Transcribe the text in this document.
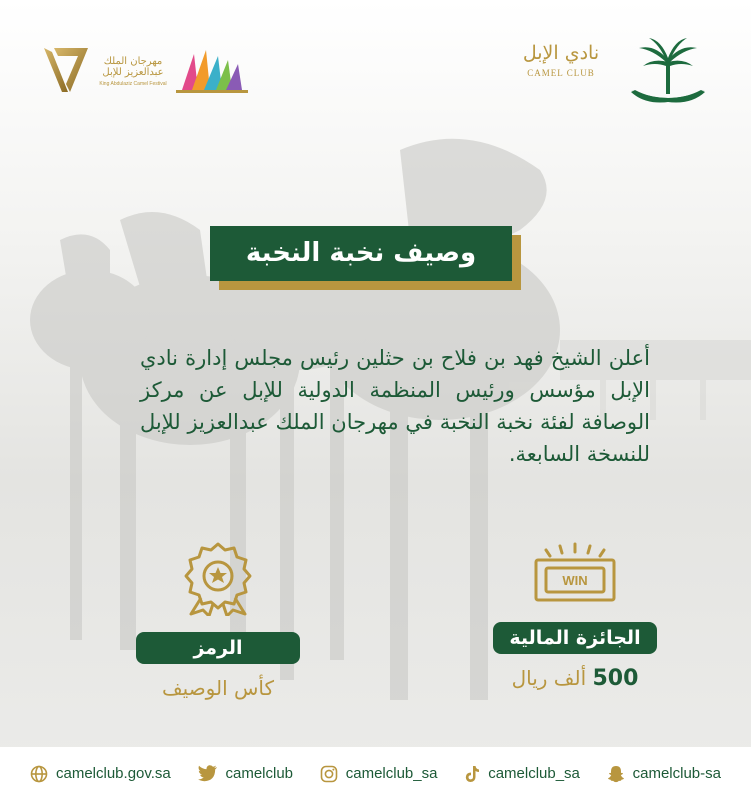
مهرجان الملك عبدالعزيز للإبل
King Abdulaziz Camel Festival
نادي الإبل
CAMEL CLUB
وصيف نخبة النخبة
أعلن الشيخ فهد بن فلاح بن حثلين رئيس مجلس إدارة نادي الإبل مؤسس ورئيس المنظمة الدولية للإبل عن مركز الوصافة لفئة نخبة النخبة في مهرجان الملك عبدالعزيز للإبل للنسخة السابعة.
WIN
الجائزة المالية
500 ألف ريال
الرمز
كأس الوصيف
camelclub.gov.sa	camelclub	camelclub_sa	camelclub_sa	camelclub-sa
